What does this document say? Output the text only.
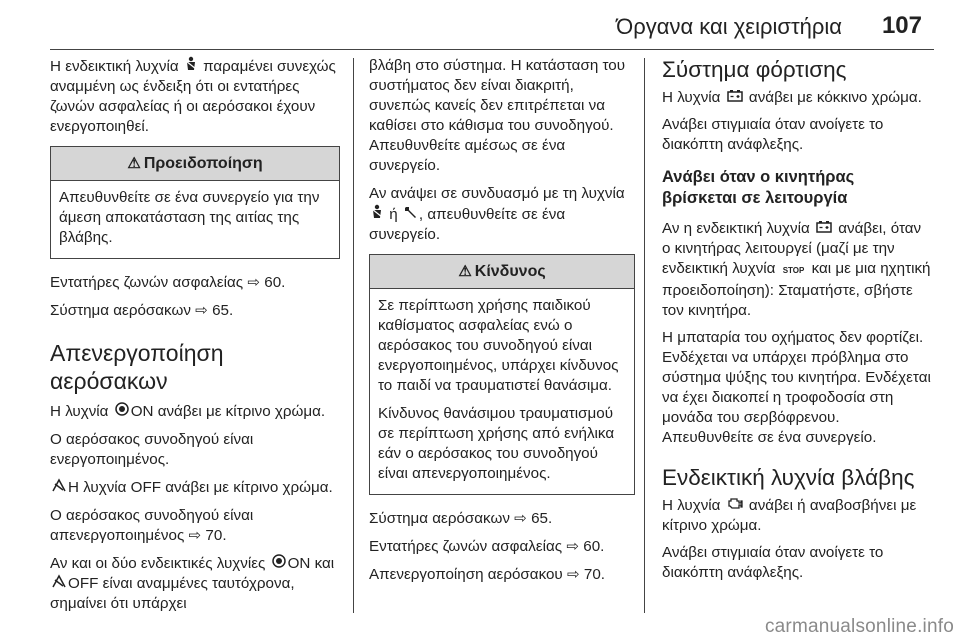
Όργανα και χειριστήρια 107

Η ενδεικτική λυχνία παραμένει συνεχώς αναμμένη ως ένδειξη ότι οι εντατήρες ζωνών ασφαλείας ή οι αερόσακοι έχουν ενεργοποιηθεί.

⚠ Προειδοποίηση

Απευθυνθείτε σε ένα συνεργείο για την άμεση αποκατάσταση της αιτίας της βλάβης.

Εντατήρες ζωνών ασφαλείας ⇨ 60.

Σύστημα αερόσακων ⇨ 65.

Απενεργοποίηση αερόσακων

Η λυχνία ON ανάβει με κίτρινο χρώμα.

Ο αερόσακος συνοδηγού είναι ενεργοποιημένος.

Η λυχνία OFF ανάβει με κίτρινο χρώμα.

Ο αερόσακος συνοδηγού είναι απενεργοποιημένος ⇨ 70.

Αν και οι δύο ενδεικτικές λυχνίες ON και OFF είναι αναμμένες ταυτόχρονα, σημαίνει ότι υπάρχει

βλάβη στο σύστημα. Η κατάσταση του συστήματος δεν είναι διακριτή, συνεπώς κανείς δεν επιτρέπεται να καθίσει στο κάθισμα του συνοδηγού. Απευθυνθείτε αμέσως σε ένα συνεργείο.

Αν ανάψει σε συνδυασμό με τη λυχνία  ή , απευθυνθείτε σε ένα συνεργείο.

⚠ Κίνδυνος

Σε περίπτωση χρήσης παιδικού καθίσματος ασφαλείας ενώ ο αερόσακος του συνοδηγού είναι ενεργοποιημένος, υπάρχει κίνδυνος το παιδί να τραυματιστεί θανάσιμα.

Κίνδυνος θανάσιμου τραυματισμού σε περίπτωση χρήσης από ενήλικα εάν ο αερόσακος του συνοδηγού είναι απενεργοποιημένος.

Σύστημα αερόσακων ⇨ 65.

Εντατήρες ζωνών ασφαλείας ⇨ 60.

Απενεργοποίηση αερόσακου ⇨ 70.

Σύστημα φόρτισης

Η λυχνία ανάβει με κόκκινο χρώμα.

Ανάβει στιγμιαία όταν ανοίγετε το διακόπτη ανάφλεξης.

Ανάβει όταν ο κινητήρας βρίσκεται σε λειτουργία

Αν η ενδεικτική λυχνία ανάβει, όταν ο κινητήρας λειτουργεί (μαζί με την ενδεικτική λυχνία STOP και με μια ηχητική προειδοποίηση): Σταματήστε, σβήστε τον κινητήρα.

Η μπαταρία του οχήματος δεν φορτίζει. Ενδέχεται να υπάρχει πρόβλημα στο σύστημα ψύξης του κινητήρα. Ενδέχεται να έχει διακοπεί η τροφοδοσία στη μονάδα του σερβόφρενου. Απευθυνθείτε σε ένα συνεργείο.

Ενδεικτική λυχνία βλάβης

Η λυχνία ανάβει ή αναβοσβήνει με κίτρινο χρώμα.

Ανάβει στιγμιαία όταν ανοίγετε το διακόπτη ανάφλεξης.

carmanualsonline.info
